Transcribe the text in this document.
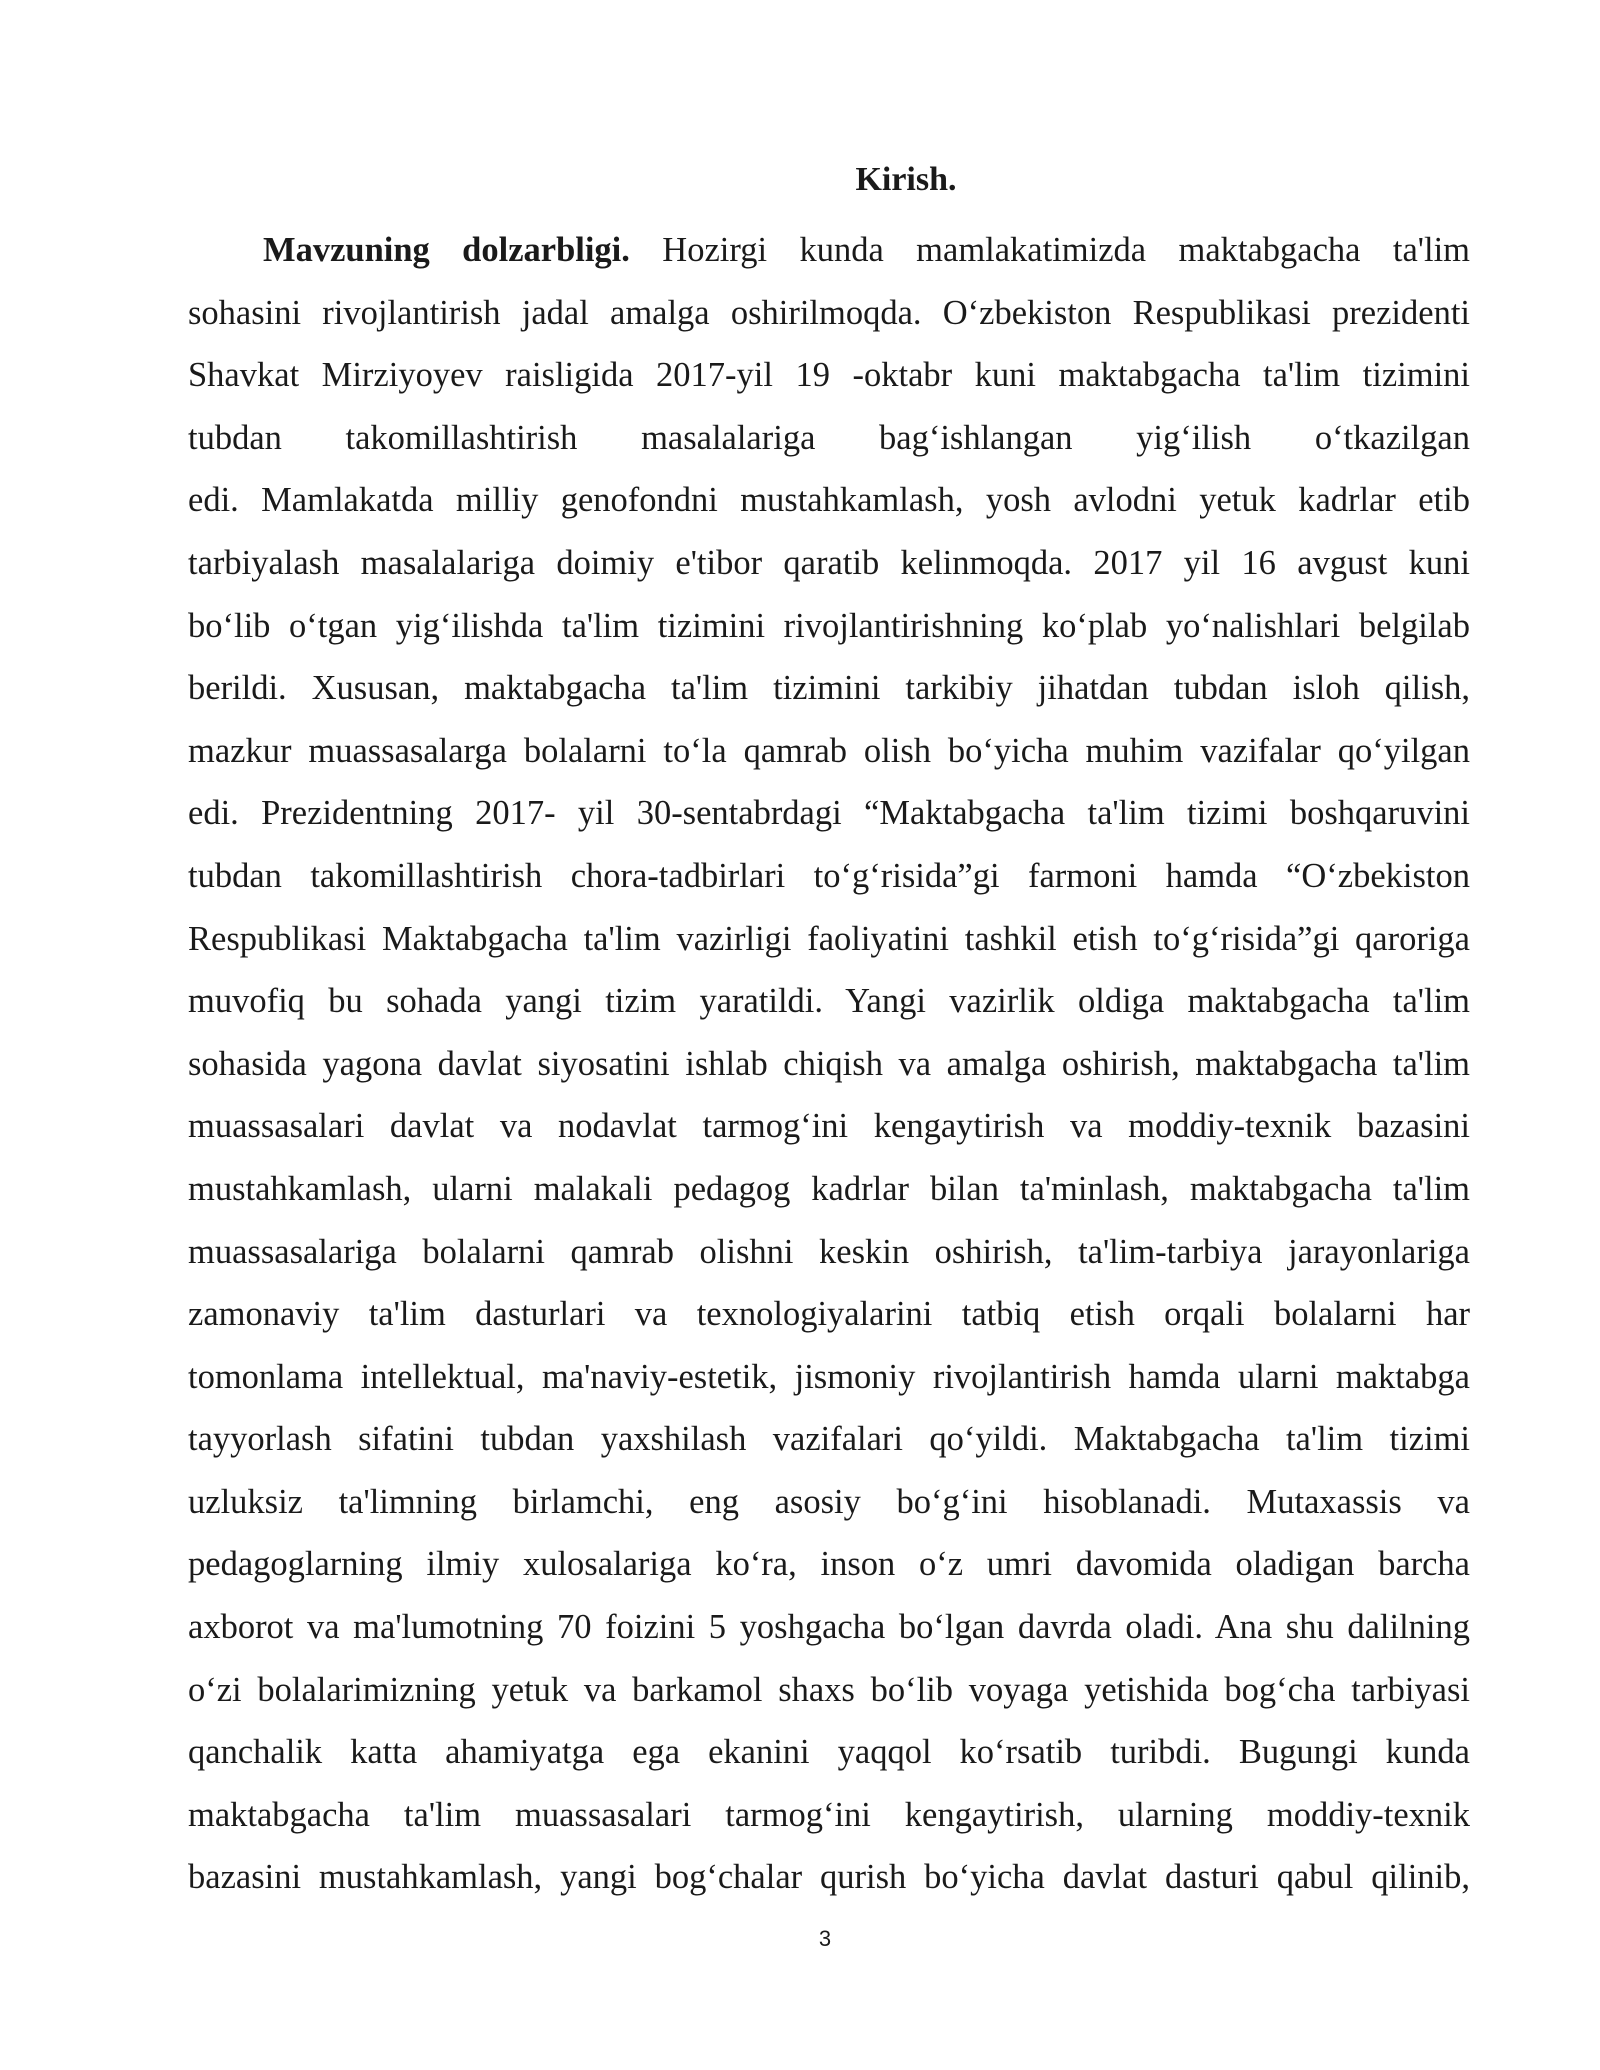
Kirish.
Mavzuning dolzarbligi. Hozirgi kunda mamlakatimizda maktabgacha ta'lim
sohasini rivojlantirish jadal amalga oshirilmoqda. O‘zbekiston Respublikasi prezidenti
Shavkat Mirziyoyev raisligida 2017-yil 19 -oktabr kuni maktabgacha ta'lim tizimini
tubdan takomillashtirish masalalariga bag‘ishlangan yig‘ilish o‘tkazilgan
edi. Mamlakatda milliy genofondni mustahkamlash, yosh avlodni yetuk kadrlar etib
tarbiyalash masalalariga doimiy e'tibor qaratib kelinmoqda. 2017 yil 16 avgust kuni
bo‘lib o‘tgan yig‘ilishda ta'lim tizimini rivojlantirishning ko‘plab yo‘nalishlari belgilab
berildi. Xususan, maktabgacha ta'lim tizimini tarkibiy jihatdan tubdan isloh qilish,
mazkur muassasalarga bolalarni to‘la qamrab olish bo‘yicha muhim vazifalar qo‘yilgan
edi. Prezidentning 2017- yil 30-sentabrdagi “Maktabgacha ta'lim tizimi boshqaruvini
tubdan takomillashtirish chora-tadbirlari to‘g‘risida”gi farmoni hamda “O‘zbekiston
Respublikasi Maktabgacha ta'lim vazirligi faoliyatini tashkil etish to‘g‘risida”gi qaroriga
muvofiq bu sohada yangi tizim yaratildi. Yangi vazirlik oldiga maktabgacha ta'lim
sohasida yagona davlat siyosatini ishlab chiqish va amalga oshirish, maktabgacha ta'lim
muassasalari davlat va nodavlat tarmog‘ini kengaytirish va moddiy-texnik bazasini
mustahkamlash, ularni malakali pedagog kadrlar bilan ta'minlash, maktabgacha ta'lim
muassasalariga bolalarni qamrab olishni keskin oshirish, ta'lim-tarbiya jarayonlariga
zamonaviy ta'lim dasturlari va texnologiyalarini tatbiq etish orqali bolalarni har
tomonlama intellektual, ma'naviy-estetik, jismoniy rivojlantirish hamda ularni maktabga
tayyorlash sifatini tubdan yaxshilash vazifalari qo‘yildi. Maktabgacha ta'lim tizimi
uzluksiz ta'limning birlamchi, eng asosiy bo‘g‘ini hisoblanadi. Mutaxassis va
pedagoglarning ilmiy xulosalariga ko‘ra, inson o‘z umri davomida oladigan barcha
axborot va ma'lumotning 70 foizini 5 yoshgacha bo‘lgan davrda oladi. Ana shu dalilning
o‘zi bolalarimizning yetuk va barkamol shaxs bo‘lib voyaga yetishida bog‘cha tarbiyasi
qanchalik katta ahamiyatga ega ekanini yaqqol ko‘rsatib turibdi. Bugungi kunda
maktabgacha ta'lim muassasalari tarmog‘ini kengaytirish, ularning moddiy-texnik
bazasini mustahkamlash, yangi bog‘chalar qurish bo‘yicha davlat dasturi qabul qilinib,

3
